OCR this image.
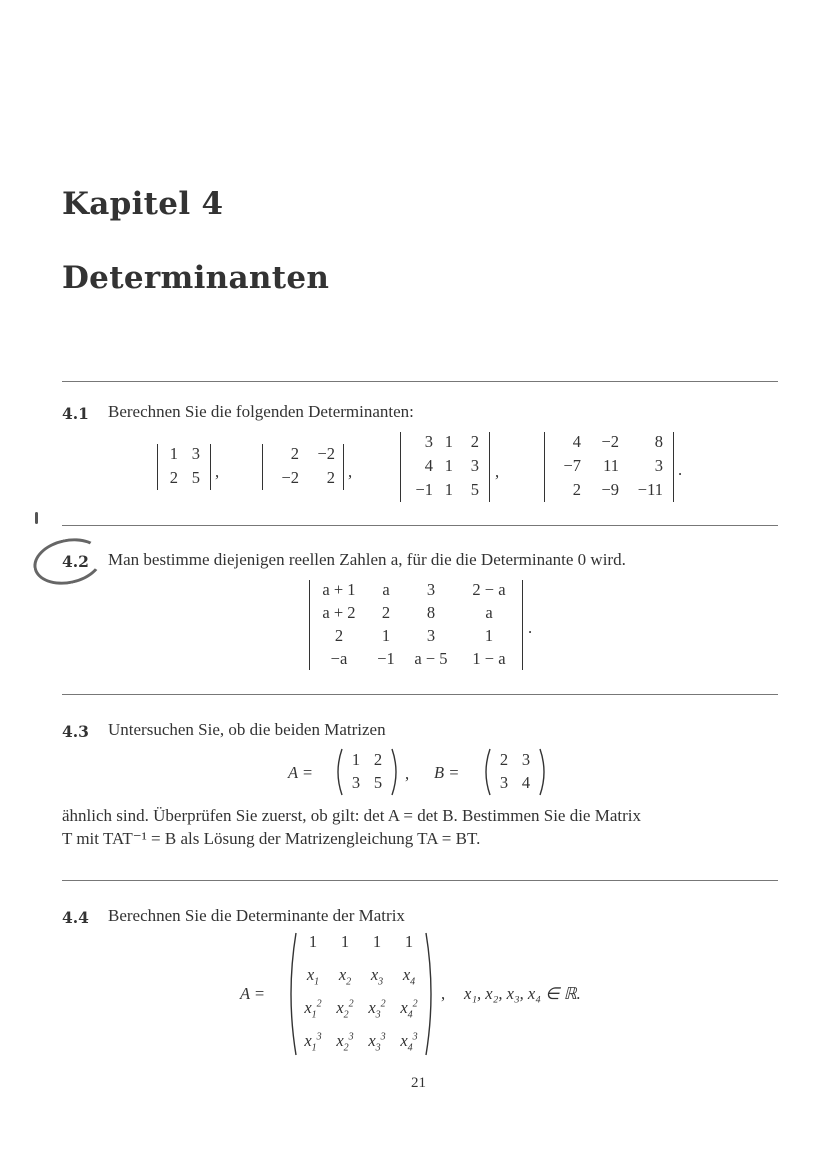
Kapitel 4
Determinanten
4.1 Berechnen Sie die folgenden Determinanten:
1 3
2 5 ,
2	−2
−2	2 ,
3 1	2
4 1	3
−1 1	5
,
4	−2	8
−7	11	3
2	−9	−11
.
4.2 Man bestimme diejenigen reellen Zahlen a, für die die Determinante 0 wird.
a + 1	a	3	2 − a
a + 2	2	8	a
2	1	3	1
−a	−1	a − 5	1 − a
.
4.3 Untersuchen Sie, ob die beiden Matrizen
A =
1 2
3 5	, B =
2 3
3 4
ähnlich sind. Überprüfen Sie zuerst, ob gilt: det A = det B. Bestimmen Sie die Matrix
T mit TAT⁻¹ = B als Lösung der Matrizengleichung TA = BT.
4.4 Berechnen Sie die Determinante der Matrix
A =
1	1	1	1
$x_1$	$x_2$	$x_3$	$x_4$
$x_1^2$ $x_2^2$ $x_3^2$ $x_4^2$
$x_1^3$ $x_2^3$ $x_3^3$ $x_4^3$
, x₁, x₂, x₃, x₄ ∈ ℝ.
21
